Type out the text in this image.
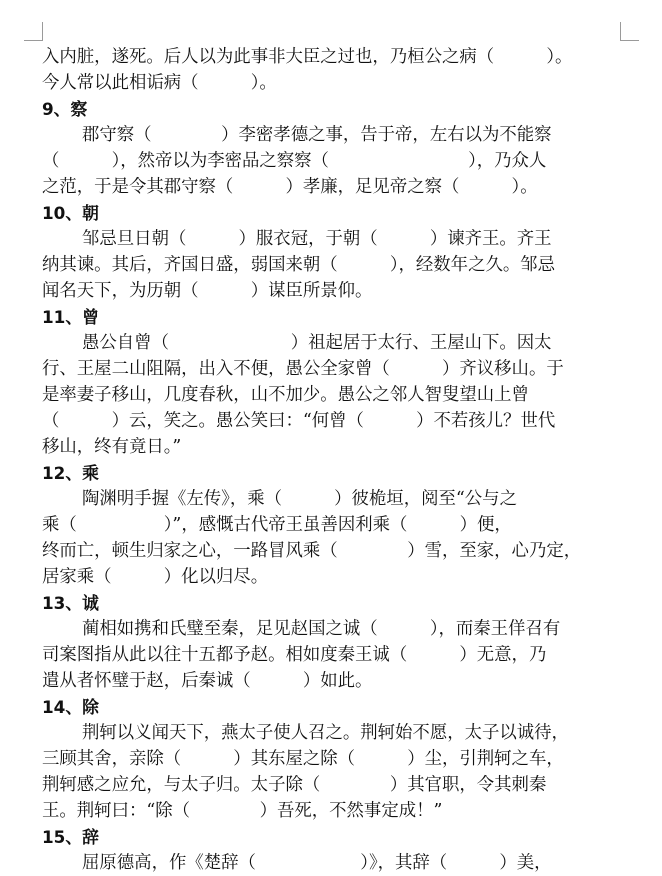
入内脏，遂死。后人以为此事非大臣之过也，乃桓公之病（　　　）。
今人常以此相诟病（　　　）。
9、察
郡守察（　　　　）李密孝德之事，告于帝，左右以为不能察
（　　　），然帝以为李密品之察察（　　　　　　　　），乃众人
之范，于是令其郡守察（　　　）孝廉，足见帝之察（　　　）。
10、朝
邹忌旦日朝（　　　）服衣冠，于朝（　　　）谏齐王。齐王
纳其谏。其后，齐国日盛，弱国来朝（　　　），经数年之久。邹忌
闻名天下，为历朝（　　　）谋臣所景仰。
11、曾
愚公自曾（　　　　　　　）祖起居于太行、王屋山下。因太
行、王屋二山阻隔，出入不便，愚公全家曾（　　　）齐议移山。于
是率妻子移山，几度春秋，山不加少。愚公之邻人智叟望山上曾
（　　　）云，笑之。愚公笑曰：“何曾（　　　）不若孩儿？世代
移山，终有竟日。”
12、乘
陶渊明手握《左传》，乘（　　　）彼桅垣，阅至“公与之
乘（　　　　　）”，感慨古代帝王虽善因利乘（　　　）便，
终而亡，顿生归家之心，一路冒风乘（　　　　）雪，至家，心乃定，
居家乘（　　　）化以归尽。
13、诚
蔺相如携和氏璧至秦，足见赵国之诚（　　　），而秦王佯召有
司案图指从此以往十五都予赵。相如度秦王诚（　　　）无意，乃
遣从者怀璧于赵，后秦诚（　　　）如此。
14、除
荆轲以义闻天下，燕太子使人召之。荆轲始不愿，太子以诚待，
三顾其舍，亲除（　　　）其东屋之除（　　　）尘，引荆轲之车，
荆轲感之应允，与太子归。太子除（　　　　）其官职，令其刺秦
王。荆轲曰：“除（　　　　）吾死，不然事定成！”
15、辞
屈原德高，作《楚辞（　　　　　　）》，其辞（　　　）美，
